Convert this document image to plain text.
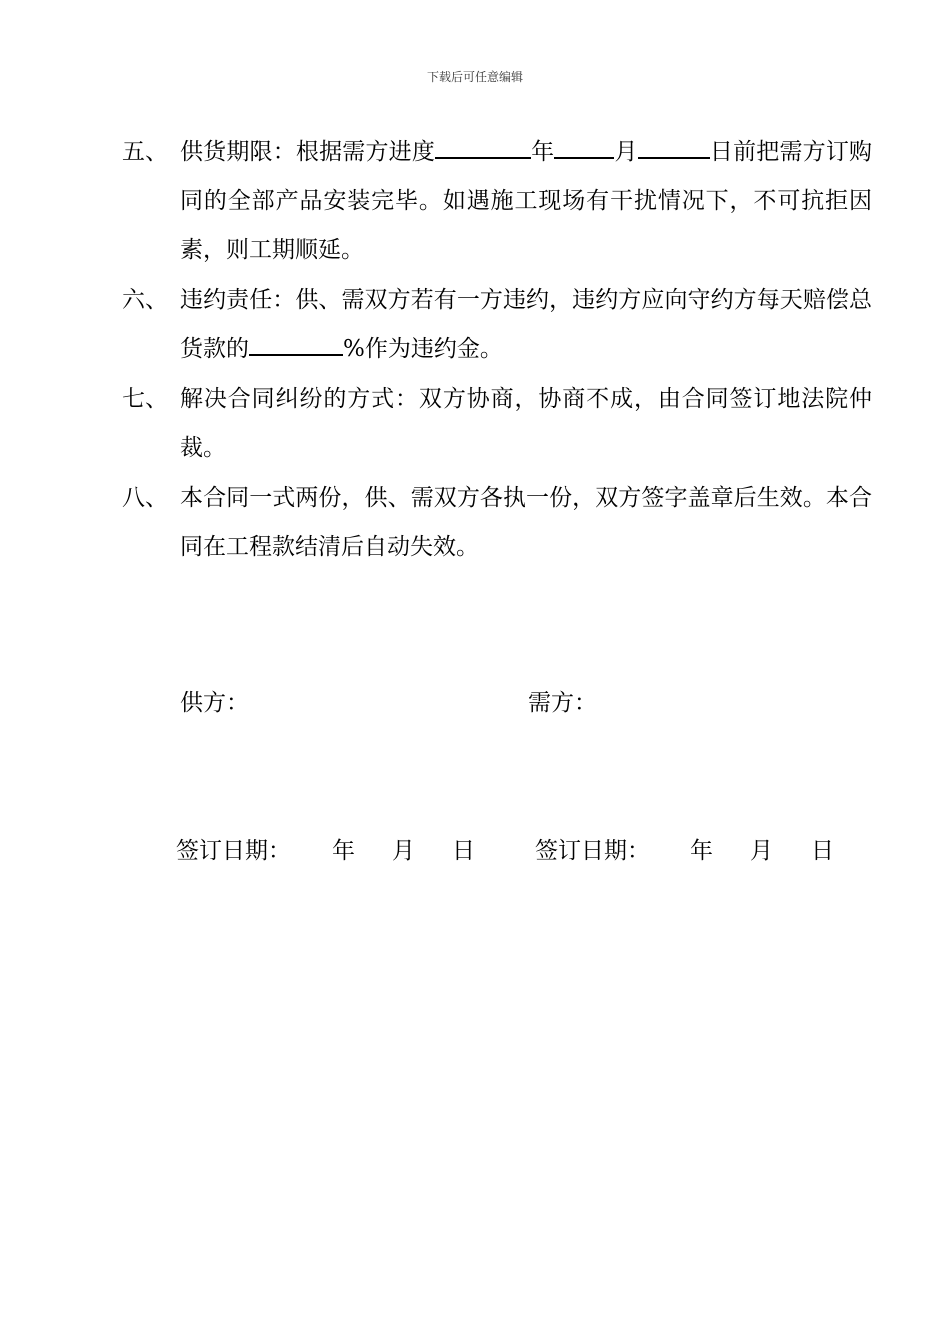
下载后可任意编辑
五、 供货期限：根据需方进度	年	月	日前把需方订购同的全部产品安装完毕。如遇施工现场有干扰情况下，不可抗拒因素，则工期顺延。
六、 违约责任：供、需双方若有一方违约，违约方应向守约方每天赔偿总货款的	%作为违约金。
七、 解决合同纠纷的方式：双方协商，协商不成，由合同签订地法院仲裁。
八、 本合同一式两份，供、需双方各执一份，双方签字盖章后生效。本合同在工程款结清后自动失效。
供方：	需方：
签订日期： 年 月 日	签订日期： 年 月 日
